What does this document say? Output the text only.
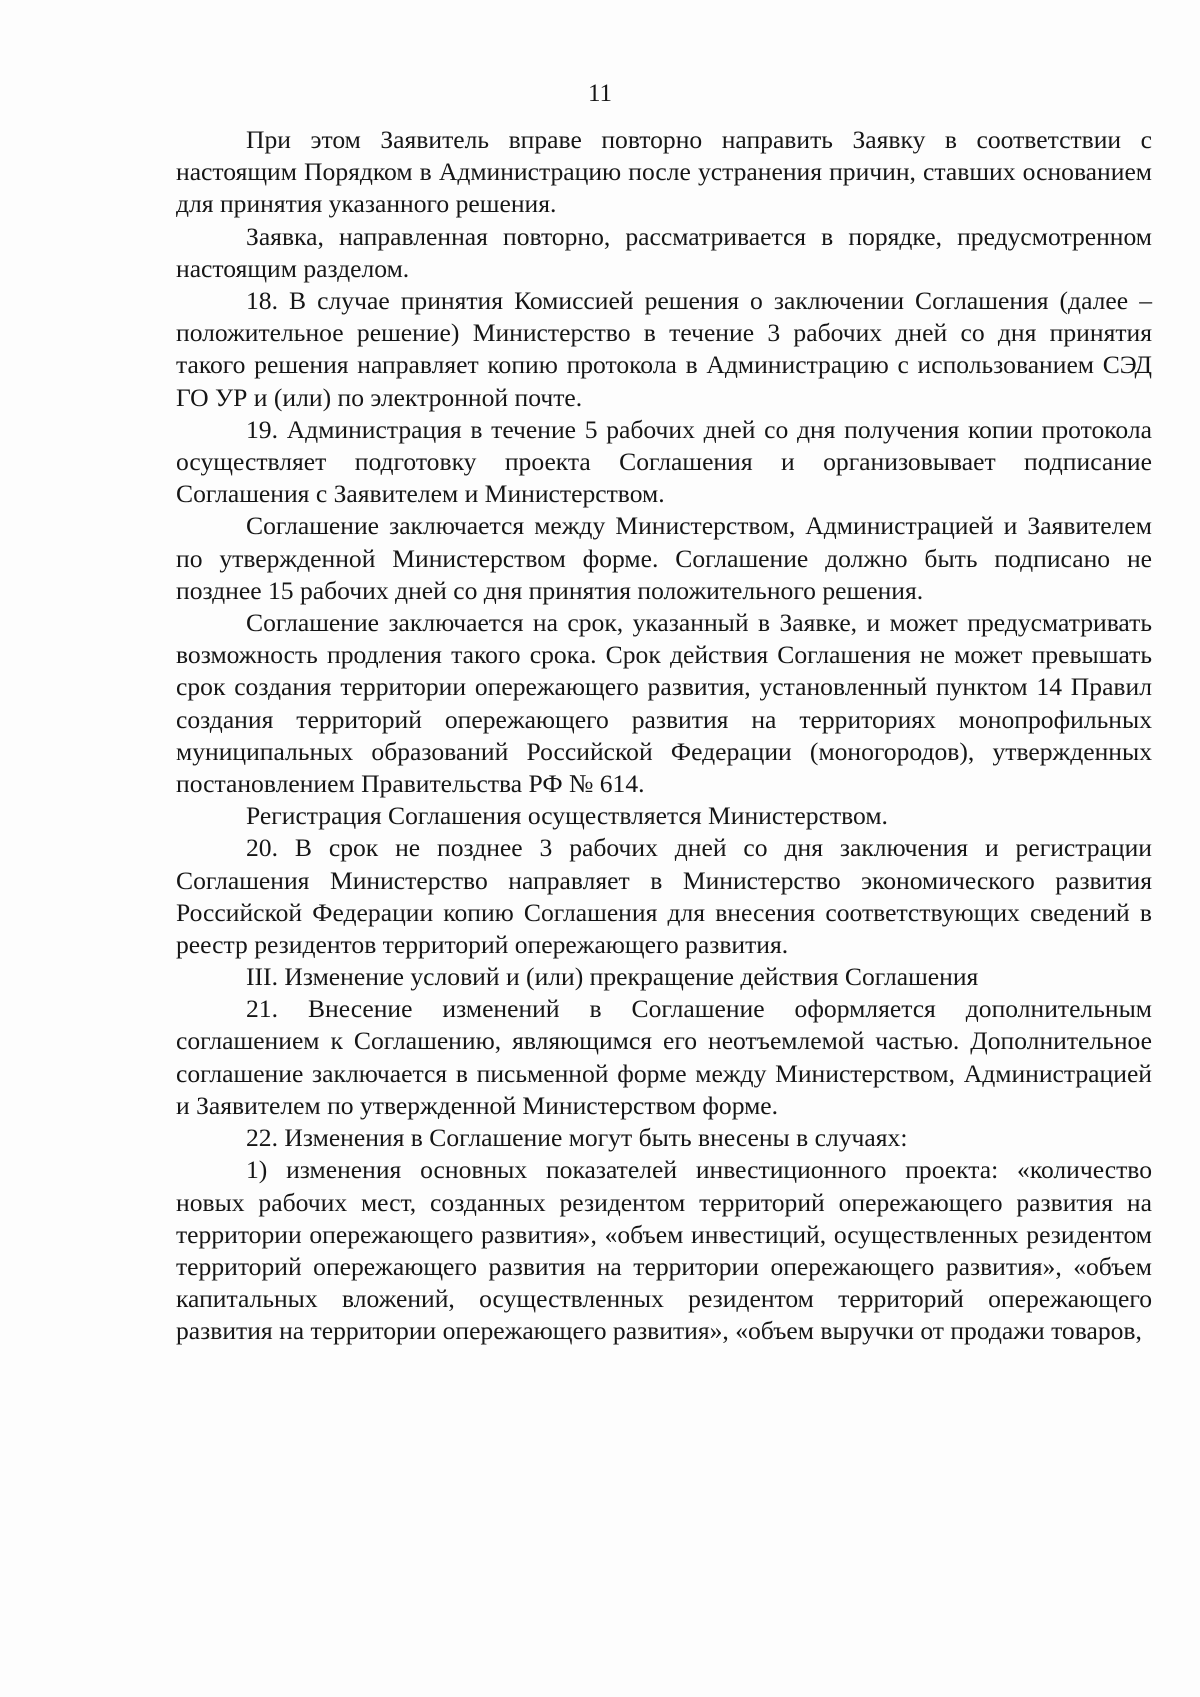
11

При этом Заявитель вправе повторно направить Заявку в соответствии с настоящим Порядком в Администрацию после устранения причин, ставших основанием для принятия указанного решения.

Заявка, направленная повторно, рассматривается в порядке, предусмотренном настоящим разделом.

18. В случае принятия Комиссией решения о заключении Соглашения (далее – положительное решение) Министерство в течение 3 рабочих дней со дня принятия такого решения направляет копию протокола в Администрацию с использованием СЭД ГО УР и (или) по электронной почте.

19. Администрация в течение 5 рабочих дней со дня получения копии протокола осуществляет подготовку проекта Соглашения и организовывает подписание Соглашения с Заявителем и Министерством.

Соглашение заключается между Министерством, Администрацией и Заявителем по утвержденной Министерством форме. Соглашение должно быть подписано не позднее 15 рабочих дней со дня принятия положительного решения.

Соглашение заключается на срок, указанный в Заявке, и может предусматривать возможность продления такого срока. Срок действия Соглашения не может превышать срок создания территории опережающего развития, установленный пунктом 14 Правил создания территорий опережающего развития на территориях монопрофильных муниципальных образований Российской Федерации (моногородов), утвержденных постановлением Правительства РФ № 614.

Регистрация Соглашения осуществляется Министерством.

20. В срок не позднее 3 рабочих дней со дня заключения и регистрации Соглашения Министерство направляет в Министерство экономического развития Российской Федерации копию Соглашения для внесения соответствующих сведений в реестр резидентов территорий опережающего развития.

III. Изменение условий и (или) прекращение действия Соглашения

21. Внесение изменений в Соглашение оформляется дополнительным соглашением к Соглашению, являющимся его неотъемлемой частью. Дополнительное соглашение заключается в письменной форме между Министерством, Администрацией и Заявителем по утвержденной Министерством форме.

22. Изменения в Соглашение могут быть внесены в случаях:

1) изменения основных показателей инвестиционного проекта: «количество новых рабочих мест, созданных резидентом территорий опережающего развития на территории опережающего развития», «объем инвестиций, осуществленных резидентом территорий опережающего развития на территории опережающего развития», «объем капитальных вложений, осуществленных резидентом территорий опережающего развития на территории опережающего развития», «объем выручки от продажи товаров,
